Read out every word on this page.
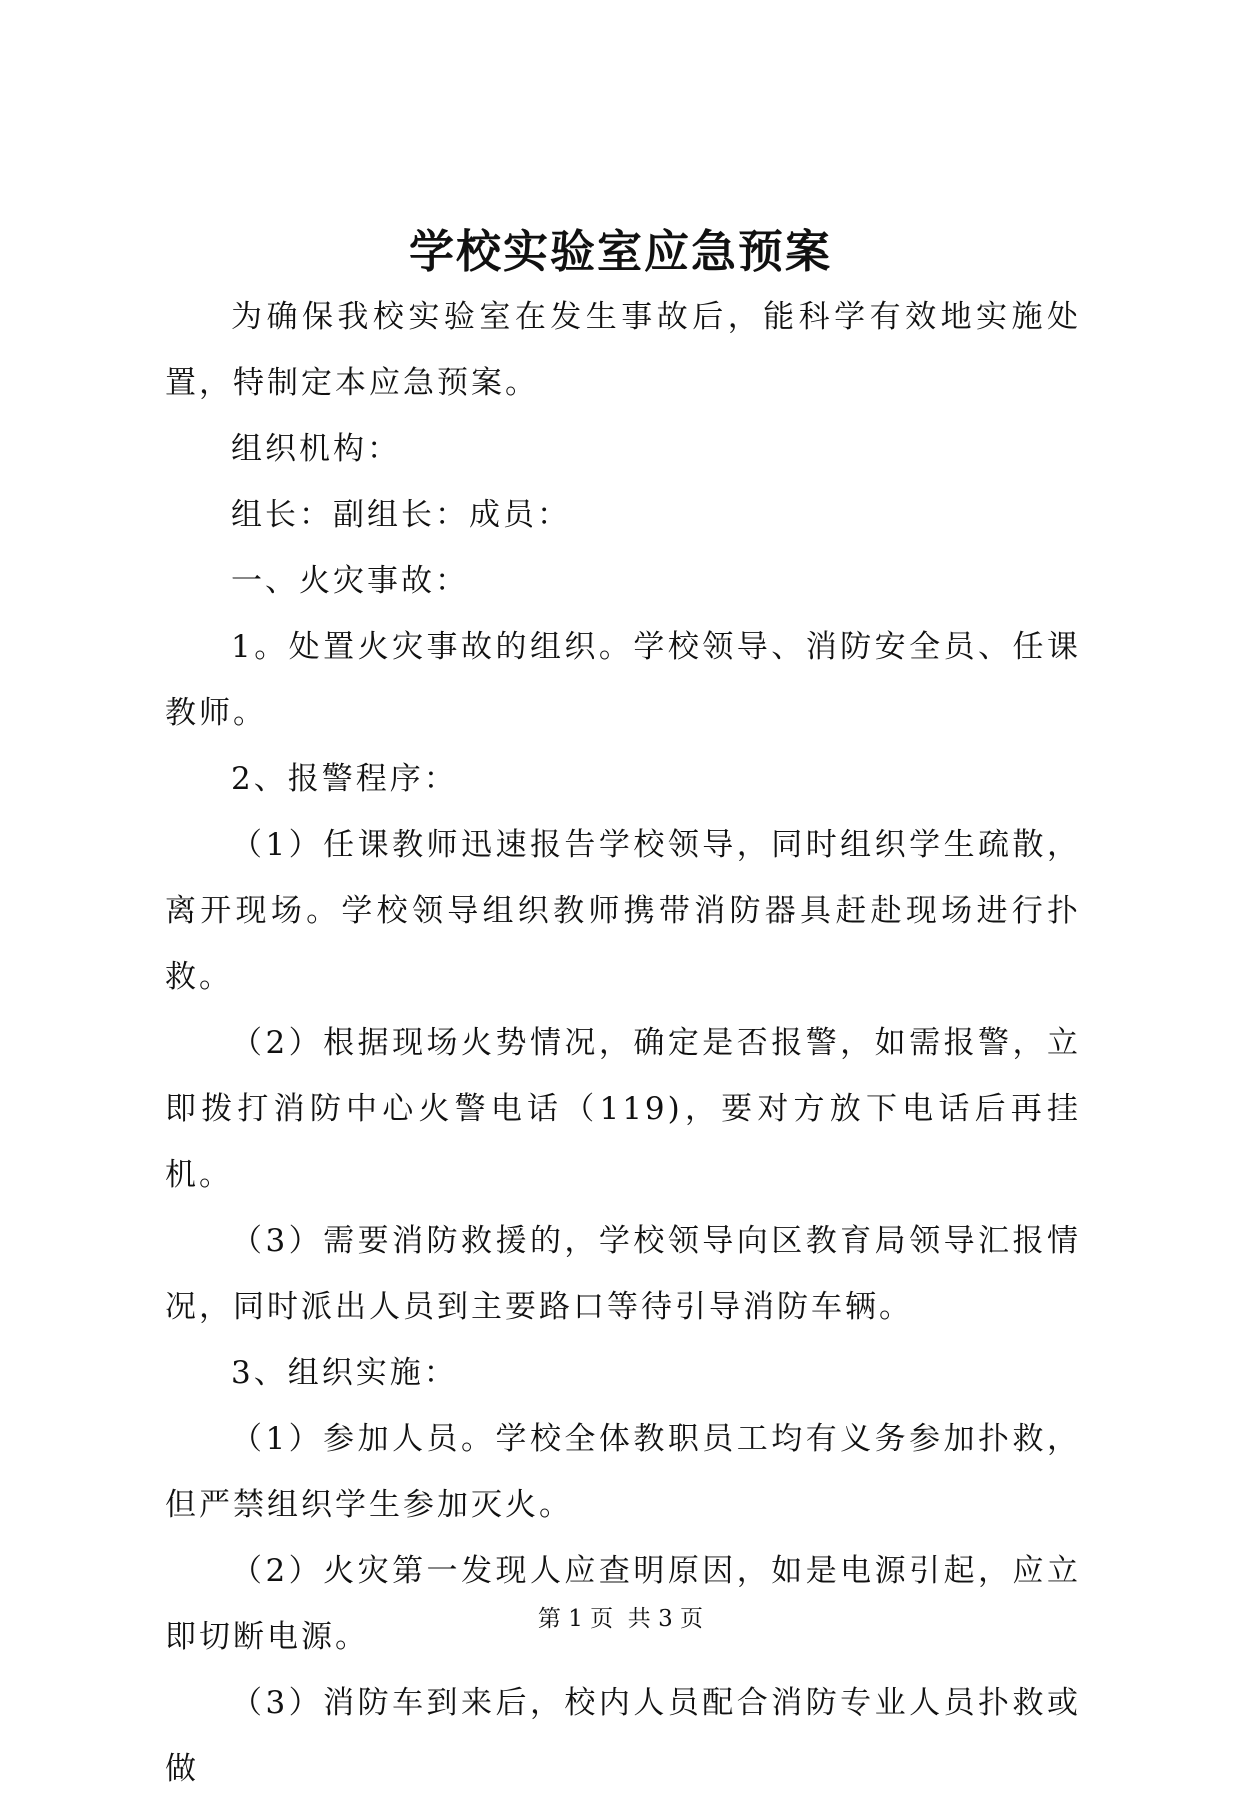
学校实验室应急预案

为确保我校实验室在发生事故后，能科学有效地实施处置，特制定本应急预案。

组织机构：

组长：副组长：成员：

一、火灾事故：

1。处置火灾事故的组织。学校领导、消防安全员、任课教师。

2、报警程序：

（1）任课教师迅速报告学校领导，同时组织学生疏散，离开现场。学校领导组织教师携带消防器具赶赴现场进行扑救。

（2）根据现场火势情况，确定是否报警，如需报警，立即拨打消防中心火警电话（119)，要对方放下电话后再挂机。

（3）需要消防救援的，学校领导向区教育局领导汇报情况，同时派出人员到主要路口等待引导消防车辆。

3、组织实施：

（1）参加人员。学校全体教职员工均有义务参加扑救，但严禁组织学生参加灭火。

（2）火灾第一发现人应查明原因，如是电源引起，应立即切断电源。

（3）消防车到来后，校内人员配合消防专业人员扑救或做

第 1 页  共 3 页
